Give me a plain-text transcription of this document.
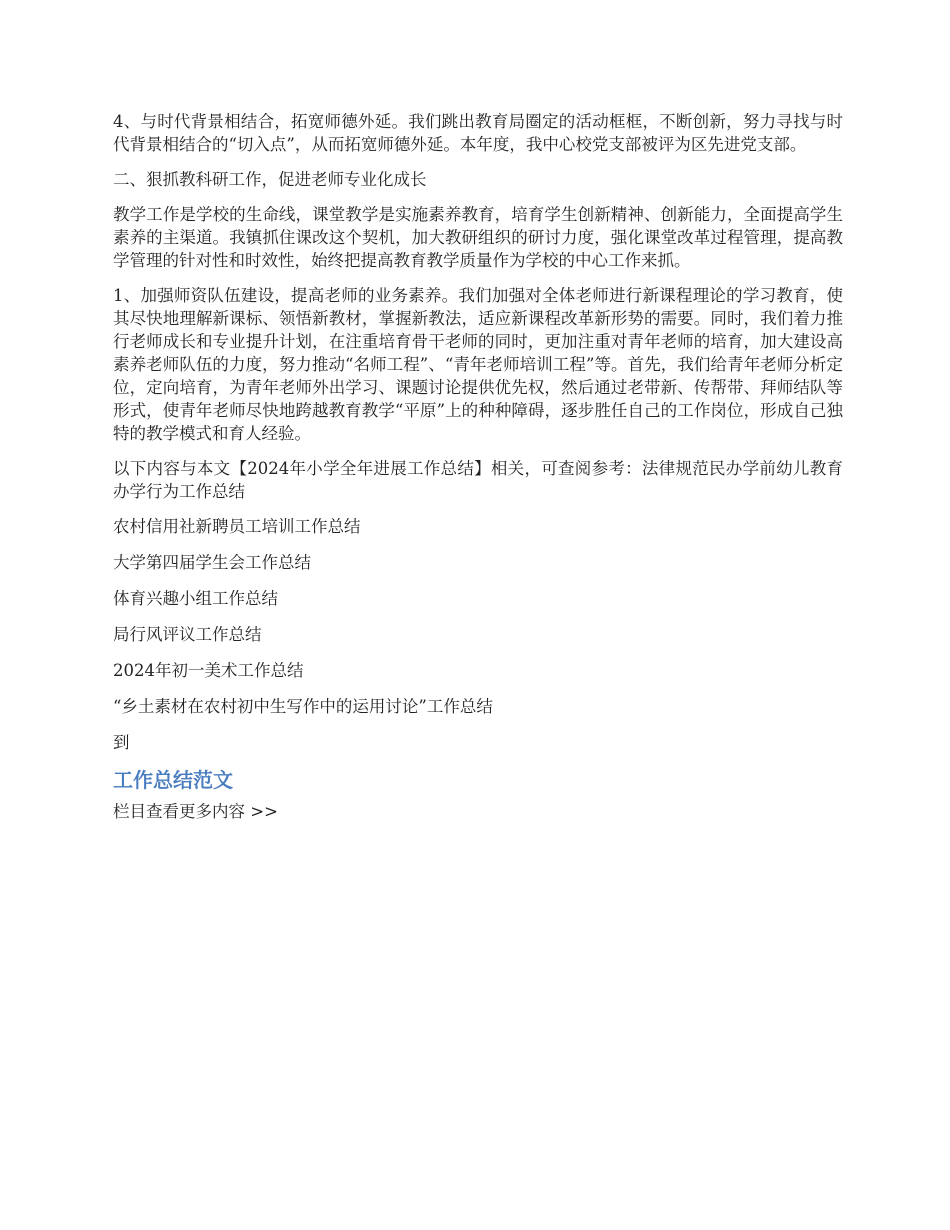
4、与时代背景相结合，拓宽师德外延。我们跳出教育局圈定的活动框框，不断创新，努力寻找与时代背景相结合的“切入点”，从而拓宽师德外延。本年度，我中心校党支部被评为区先进党支部。

二、狠抓教科研工作，促进老师专业化成长

教学工作是学校的生命线，课堂教学是实施素养教育，培育学生创新精神、创新能力，全面提高学生素养的主渠道。我镇抓住课改这个契机，加大教研组织的研讨力度，强化课堂改革过程管理，提高教学管理的针对性和时效性，始终把提高教育教学质量作为学校的中心工作来抓。

1、加强师资队伍建设，提高老师的业务素养。我们加强对全体老师进行新课程理论的学习教育，使其尽快地理解新课标、领悟新教材，掌握新教法，适应新课程改革新形势的需要。同时，我们着力推行老师成长和专业提升计划，在注重培育骨干老师的同时，更加注重对青年老师的培育，加大建设高素养老师队伍的力度，努力推动“名师工程”、“青年老师培训工程”等。首先，我们给青年老师分析定位，定向培育，为青年老师外出学习、课题讨论提供优先权，然后通过老带新、传帮带、拜师结队等形式，使青年老师尽快地跨越教育教学“平原”上的种种障碍，逐步胜任自己的工作岗位，形成自己独特的教学模式和育人经验。

以下内容与本文【2024年小学全年进展工作总结】相关，可查阅参考：法律规范民办学前幼儿教育办学行为工作总结

农村信用社新聘员工培训工作总结

大学第四届学生会工作总结

体育兴趣小组工作总结

局行风评议工作总结

2024年初一美术工作总结

“乡土素材在农村初中生写作中的运用讨论”工作总结

到

工作总结范文
栏目查看更多内容 >>
